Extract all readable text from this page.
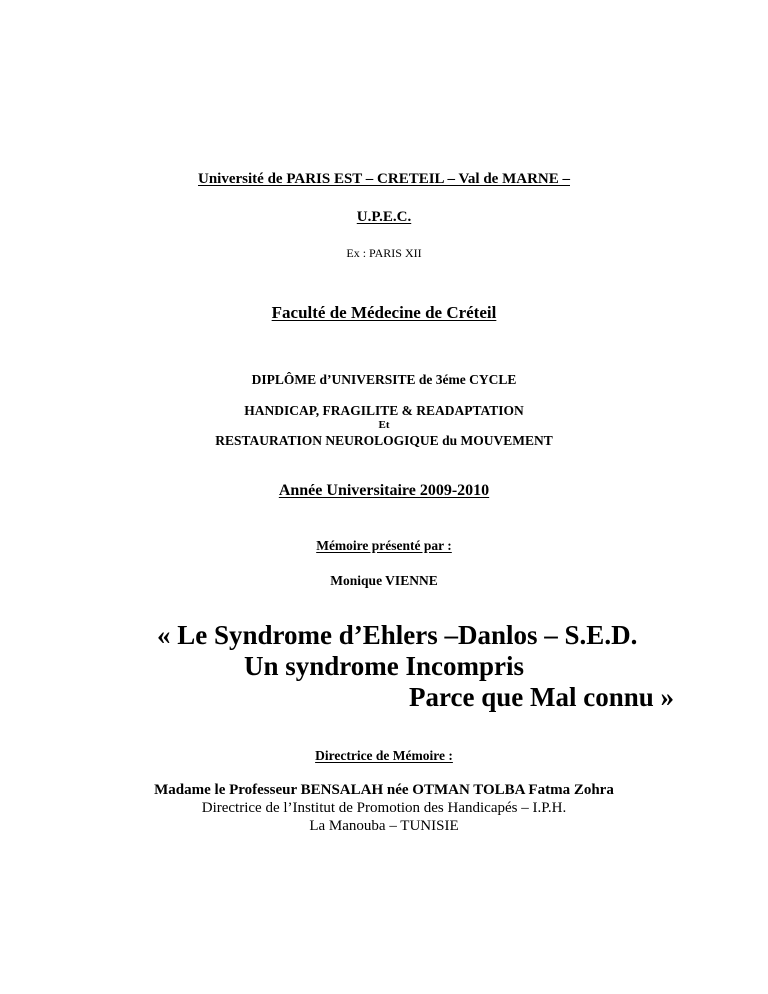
Université de PARIS EST – CRETEIL – Val de MARNE –
U.P.E.C.
Ex : PARIS XII
Faculté de Médecine de Créteil
DIPLÔME d’UNIVERSITE de 3éme CYCLE
HANDICAP, FRAGILITE & READAPTATION
Et
RESTAURATION NEUROLOGIQUE du MOUVEMENT
Année Universitaire 2009-2010
Mémoire présenté par :
Monique VIENNE
« Le Syndrome d’Ehlers –Danlos – S.E.D.
Un syndrome Incompris
Parce que Mal connu »
Directrice de Mémoire :
Madame le Professeur BENSALAH née OTMAN TOLBA Fatma Zohra
Directrice de l’Institut de Promotion des Handicapés – I.P.H.
La Manouba – TUNISIE
